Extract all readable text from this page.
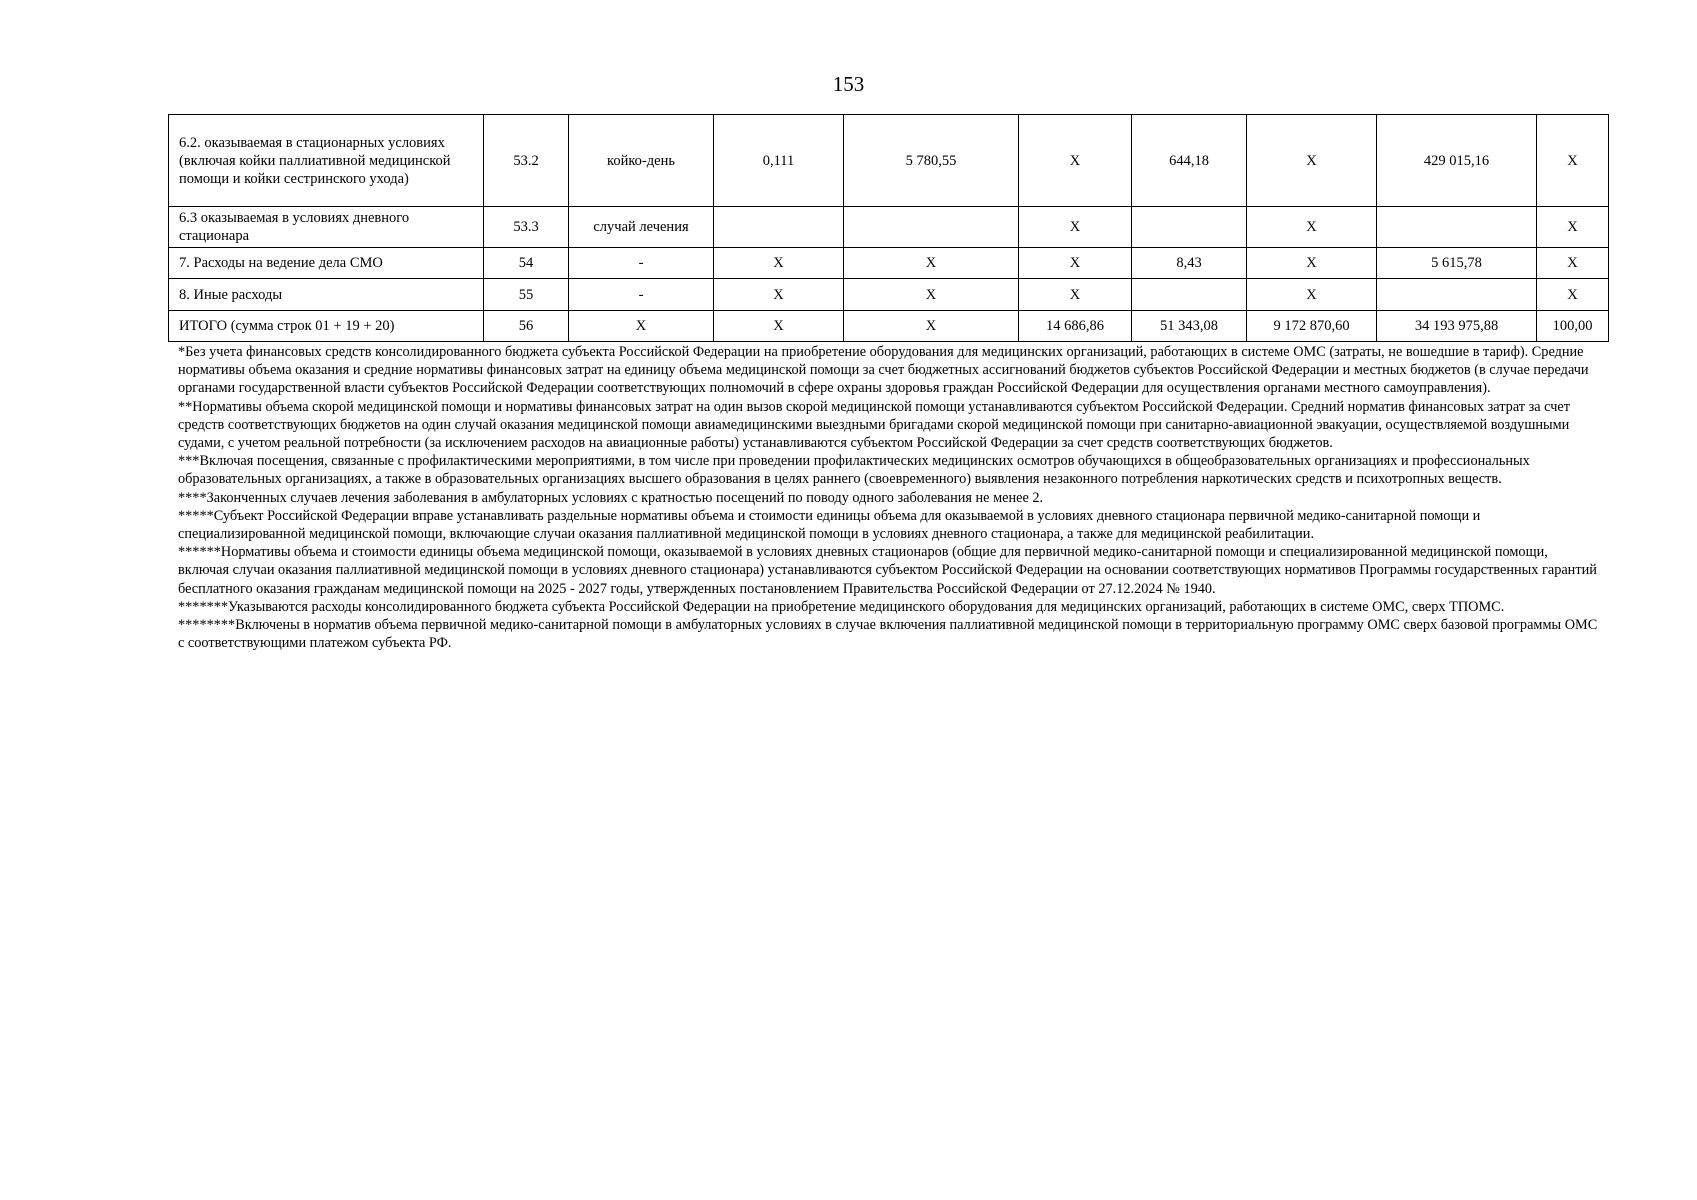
153
6.2. оказываемая в стационарных условиях (включая койки паллиативной медицинской помощи и койки сестринского ухода)	53.2	койко-день	0,111	5 780,55	X	644,18	X	429 015,16	X
6.3 оказываемая в условиях дневного стационара	53.3	случай лечения			X		X		X
7. Расходы на ведение дела СМО	54	-	X	X	X	8,43	X	5 615,78	X
8. Иные расходы	55	-	X	X	X		X		X
ИТОГО (сумма строк 01 + 19 + 20)	56	X	X	X	14 686,86	51 343,08	9 172 870,60	34 193 975,88	100,00

*Без учета финансовых средств консолидированного бюджета субъекта Российской Федерации на приобретение оборудования для медицинских организаций, работающих в системе ОМС (затраты, не вошедшие в тариф). Средние нормативы объема оказания и средние нормативы финансовых затрат на единицу объема медицинской помощи за счет бюджетных ассигнований бюджетов субъектов Российской Федерации и местных бюджетов (в случае передачи органами государственной власти субъектов Российской Федерации соответствующих полномочий в сфере охраны здоровья граждан Российской Федерации для осуществления органами местного самоуправления).

**Нормативы объема скорой медицинской помощи и нормативы финансовых затрат на один вызов скорой медицинской помощи устанавливаются субъектом Российской Федерации. Средний норматив финансовых затрат за счет средств соответствующих бюджетов на один случай оказания медицинской помощи авиамедицинскими выездными бригадами скорой медицинской помощи при санитарно-авиационной эвакуации, осуществляемой воздушными судами, с учетом реальной потребности (за исключением расходов на авиационные работы) устанавливаются субъектом Российской Федерации за счет средств соответствующих бюджетов.

***Включая посещения, связанные с профилактическими мероприятиями, в том числе при проведении профилактических медицинских осмотров обучающихся в общеобразовательных организациях и профессиональных образовательных организациях, а также в образовательных организациях высшего образования в целях раннего (своевременного) выявления незаконного потребления наркотических средств и психотропных веществ.

****Законченных случаев лечения заболевания в амбулаторных условиях с кратностью посещений по поводу одного заболевания не менее 2.

*****Субъект Российской Федерации вправе устанавливать раздельные нормативы объема и стоимости единицы объема для оказываемой в условиях дневного стационара первичной медико-санитарной помощи и специализированной медицинской помощи, включающие случаи оказания паллиативной медицинской помощи в условиях дневного стационара, а также для медицинской реабилитации.

******Нормативы объема и стоимости единицы объема медицинской помощи, оказываемой в условиях дневных стационаров (общие для первичной медико-санитарной помощи и специализированной медицинской помощи, включая случаи оказания паллиативной медицинской помощи в условиях дневного стационара) устанавливаются субъектом Российской Федерации на основании соответствующих нормативов Программы государственных гарантий бесплатного оказания гражданам медицинской помощи на 2025 - 2027 годы, утвержденных постановлением Правительства Российской Федерации от 27.12.2024 № 1940.

*******Указываются расходы консолидированного бюджета субъекта Российской Федерации на приобретение медицинского оборудования для медицинских организаций, работающих в системе ОМС, сверх ТПОМС.

********Включены в норматив объема первичной медико-санитарной помощи в амбулаторных условиях в случае включения паллиативной медицинской помощи в территориальную программу ОМС сверх базовой программы ОМС с соответствующими платежом субъекта РФ.
